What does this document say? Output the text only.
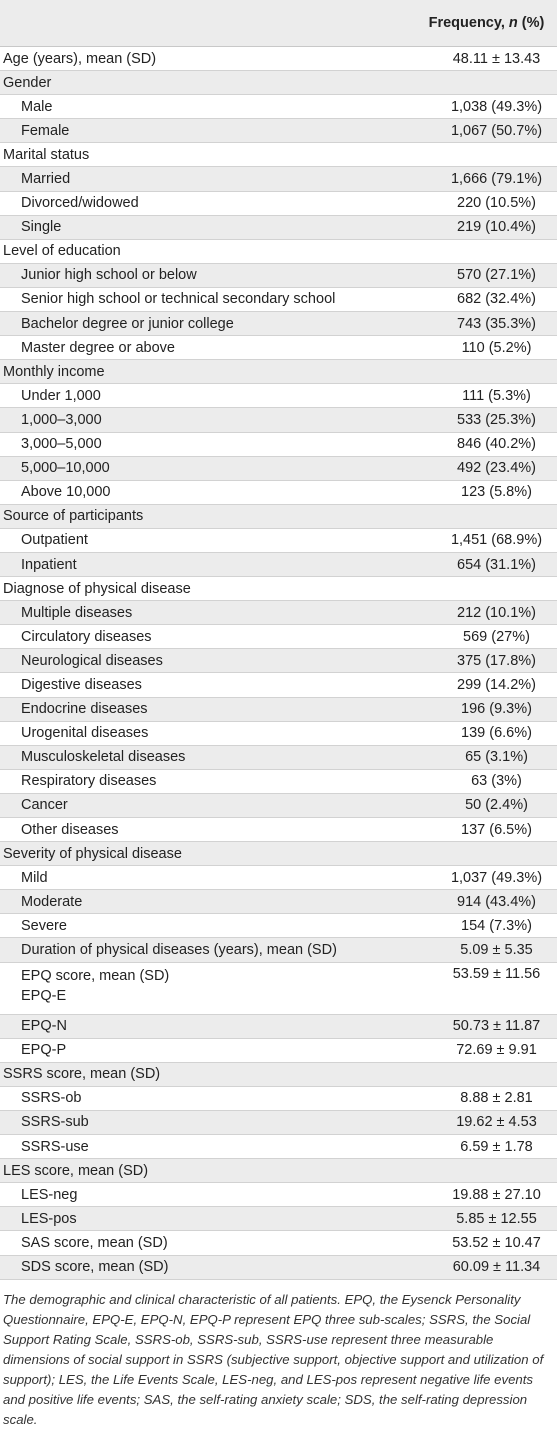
	Frequency, n (%)
Age (years), mean (SD)	48.11 ± 13.43
Gender	
Male	1,038 (49.3%)
Female	1,067 (50.7%)
Marital status	
Married	1,666 (79.1%)
Divorced/widowed	220 (10.5%)
Single	219 (10.4%)
Level of education	
Junior high school or below	570 (27.1%)
Senior high school or technical secondary school	682 (32.4%)
Bachelor degree or junior college	743 (35.3%)
Master degree or above	110 (5.2%)
Monthly income	
Under 1,000	111 (5.3%)
1,000–3,000	533 (25.3%)
3,000–5,000	846 (40.2%)
5,000–10,000	492 (23.4%)
Above 10,000	123 (5.8%)
Source of participants	
Outpatient	1,451 (68.9%)
Inpatient	654 (31.1%)
Diagnose of physical disease	
Multiple diseases	212 (10.1%)
Circulatory diseases	569 (27%)
Neurological diseases	375 (17.8%)
Digestive diseases	299 (14.2%)
Endocrine diseases	196 (9.3%)
Urogenital diseases	139 (6.6%)
Musculoskeletal diseases	65 (3.1%)
Respiratory diseases	63 (3%)
Cancer	50 (2.4%)
Other diseases	137 (6.5%)
Severity of physical disease	
Mild	1,037 (49.3%)
Moderate	914 (43.4%)
Severe	154 (7.3%)
Duration of physical diseases (years), mean (SD)	5.09 ± 5.35
EPQ score, mean (SD)
EPQ-E	53.59 ± 11.56
EPQ-N	50.73 ± 11.87
EPQ-P	72.69 ± 9.91
SSRS score, mean (SD)	
SSRS-ob	8.88 ± 2.81
SSRS-sub	19.62 ± 4.53
SSRS-use	6.59 ± 1.78
LES score, mean (SD)	
LES-neg	19.88 ± 27.10
LES-pos	5.85 ± 12.55
SAS score, mean (SD)	53.52 ± 10.47
SDS score, mean (SD)	60.09 ± 11.34
The demographic and clinical characteristic of all patients. EPQ, the Eysenck Personality Questionnaire, EPQ-E, EPQ-N, EPQ-P represent EPQ three sub-scales; SSRS, the Social Support Rating Scale, SSRS-ob, SSRS-sub, SSRS-use represent three measurable dimensions of social support in SSRS (subjective support, objective support and utilization of support); LES, the Life Events Scale, LES-neg, and LES-pos represent negative life events and positive life events; SAS, the self-rating anxiety scale; SDS, the self-rating depression scale.
